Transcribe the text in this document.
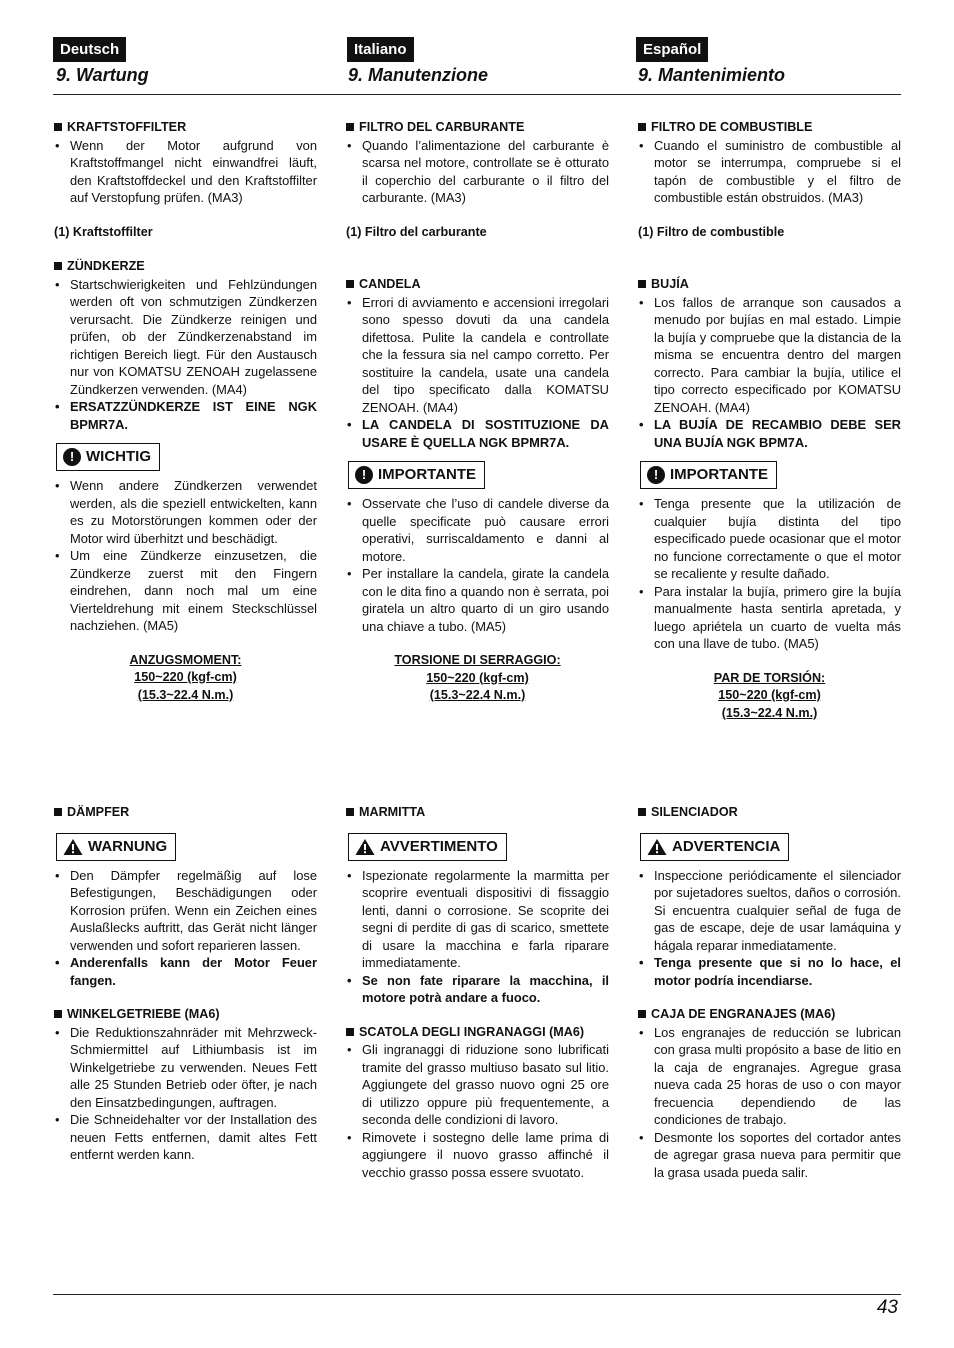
Deutsch	Italiano	Español
9. Wartung	9. Manutenzione	9. Mantenimiento

KRAFTSTOFFILTER

• Wenn der Motor aufgrund von Kraftstoffmangel nicht einwandfrei läuft, den Kraftstoffdeckel und den Kraftstoffilter auf Verstopfung prüfen. (MA3)

(1) Kraftstoffilter

ZÜNDKERZE

• Startschwierigkeiten und Fehlzündungen werden oft von schmutzigen Zündkerzen verursacht. Die Zündkerze reinigen und prüfen, ob der Zündkerzenabstand im richtigen Bereich liegt. Für den Austausch nur von KOMATSU ZENOAH zugelassene Zündkerzen verwenden. (MA4)
• ERSATZZÜNDKERZE IST EINE NGK BPMR7A.
! WICHTIG
• Wenn andere Zündkerzen verwendet werden, als die speziell entwickelten, kann es zu Motorstörungen kommen oder der Motor wird überhitzt und beschädigt.
• Um eine Zündkerze einzusetzen, die Zündkerze zuerst mit den Fingern eindrehen, dann noch mal um eine Vierteldrehung mit einem Steckschlüssel nachziehen. (MA5)
ANZUGSMOMENT:
150~220 (kgf-cm)
(15.3~22.4 N.m.)

DÄMPFER

WARNUNG
• Den Dämpfer regelmäßig auf lose Befestigungen, Beschädigungen oder Korrosion prüfen. Wenn ein Zeichen eines Auslaßlecks auftritt, das Gerät nicht länger verwenden und sofort reparieren lassen.
• Anderenfalls kann der Motor Feuer fangen.

WINKELGETRIEBE (MA6)

• Die Reduktionszahnräder mit Mehrzweck-Schmiermittel auf Lithiumbasis ist im Winkelgetriebe zu verwenden. Neues Fett alle 25 Stunden Betrieb oder öfter, je nach den Einsatzbedingungen, auftragen.
• Die Schneidehalter vor der Installation des neuen Fetts entfernen, damit altes Fett entfernt werden kann.

FILTRO DEL CARBURANTE

• Quando l’alimentazione del carburante è scarsa nel motore, controllate se è otturato il coperchio del carburante o il filtro del carburante. (MA3)

(1) Filtro del carburante

CANDELA

• Errori di avviamento e accensioni irregolari sono spesso dovuti da una candela difettosa. Pulite la candela e controllate che la fessura sia nel campo corretto. Per sostituire la candela, usate una candela del tipo specificato dalla KOMATSU ZENOAH. (MA4)
• LA CANDELA DI SOSTITUZIONE DA USARE È QUELLA NGK BPMR7A.
! IMPORTANTE
• Osservate che l’uso di candele diverse da quelle specificate può causare errori operativi, surriscaldamento e danni al motore.
• Per installare la candela, girate la candela con le dita fino a quando non è serrata, poi giratela un altro quarto di un giro usando una chiave a tubo. (MA5)
TORSIONE DI SERRAGGIO:
150~220 (kgf-cm)
(15.3~22.4 N.m.)

MARMITTA

AVVERTIMENTO
• Ispezionate regolarmente la marmitta per scoprire eventuali dispositivi di fissaggio lenti, danni o corrosione. Se scoprite dei segni di perdite di gas di scarico, smettete di usare la macchina e farla riparare immediatamente.
• Se non fate riparare la macchina, il motore potrà andare a fuoco.

SCATOLA DEGLI INGRANAGGI (MA6)

• Gli ingranaggi di riduzione sono lubrificati tramite del grasso multiuso basato sul litio. Aggiungete del grasso nuovo ogni 25 ore di utilizzo oppure più frequentemente, a seconda delle condizioni di lavoro.
• Rimovete i sostegno delle lame prima di aggiungere il nuovo grasso affinché il vecchio grasso possa essere svuotato.

FILTRO DE COMBUSTIBLE

• Cuando el suministro de combustible al motor se interrumpa, compruebe si el tapón de combustible y el filtro de combustible están obstruidos. (MA3)

(1) Filtro de combustible

BUJÍA

• Los fallos de arranque son causados a menudo por bujías en mal estado. Limpie la bujía y compruebe que la distancia de la misma se encuentra dentro del margen correcto. Para cambiar la bujía, utilice el tipo correcto especificado por KOMATSU ZENOAH. (MA4)
• LA BUJÍA DE RECAMBIO DEBE SER UNA BUJÍA NGK BPM7A.
! IMPORTANTE
• Tenga presente que la utilización de cualquier bujía distinta del tipo especificado puede ocasionar que el motor no funcione correctamente o que el motor se recaliente y resulte dañado.
• Para instalar la bujía, primero gire la bujía manualmente hasta sentirla apretada, y luego apriétela un cuarto de vuelta más con una llave de tubo. (MA5)
PAR DE TORSIÓN:
150~220 (kgf-cm)
(15.3~22.4 N.m.)

SILENCIADOR

ADVERTENCIA
• Inspeccione periódicamente el silenciador por sujetadores sueltos, daños o corrosión. Si encuentra cualquier señal de fuga de gas de escape, deje de usar lamáquina y hágala reparar inmediatamente.
• Tenga presente que si no lo hace, el motor podría incendiarse.

CAJA DE ENGRANAJES (MA6)

• Los engranajes de reducción se lubrican con grasa multi propósito a base de litio en la caja de engranajes. Agregue grasa nueva cada 25 horas de uso o con mayor frecuencia dependiendo de las condiciones de trabajo.
• Desmonte los soportes del cortador antes de agregar grasa nueva para permitir que la grasa usada pueda salir.
43
